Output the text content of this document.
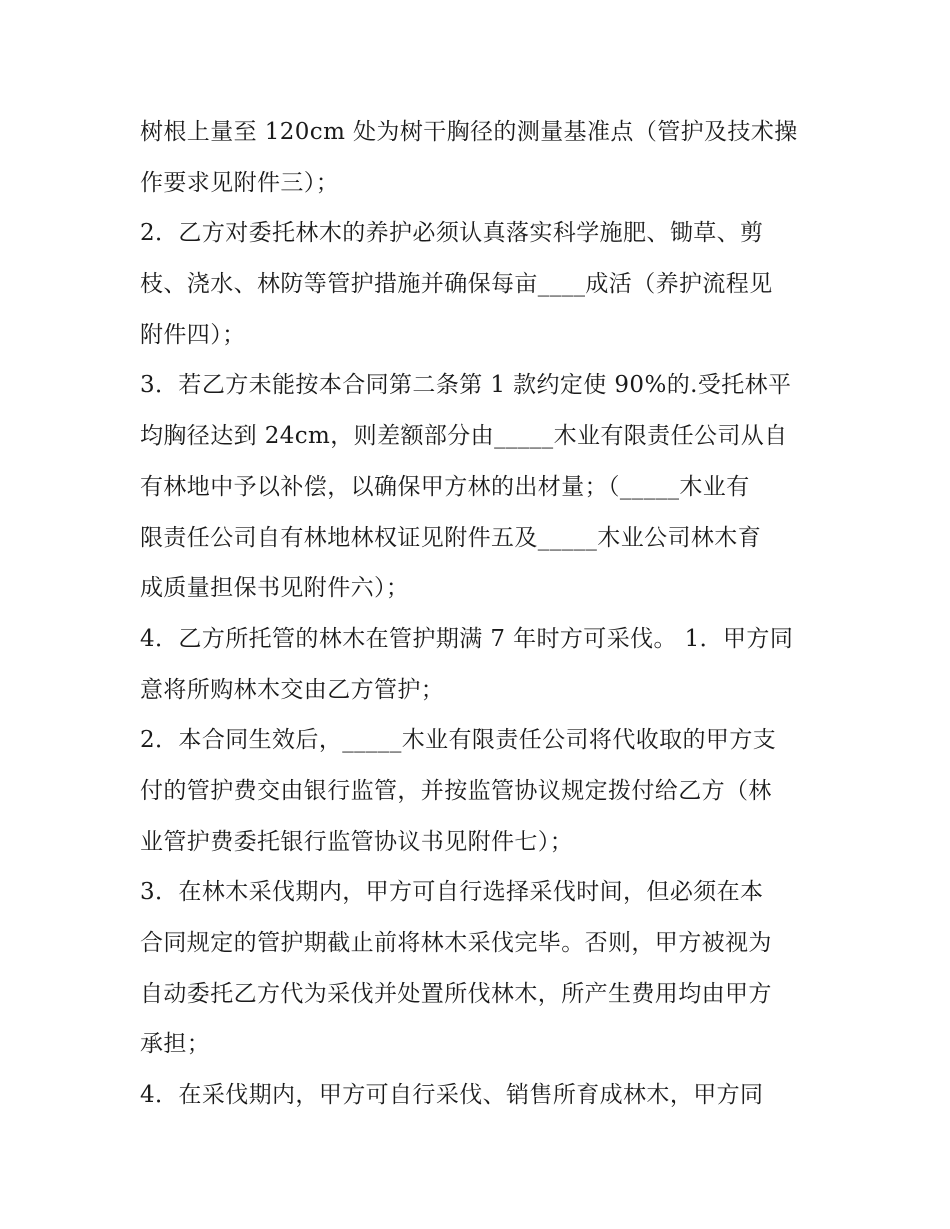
树根上量至 120cm 处为树干胸径的测量基准点（管护及技术操
作要求见附件三）；
2．乙方对委托林木的养护必须认真落实科学施肥、锄草、剪
枝、浇水、林防等管护措施并确保每亩____成活（养护流程见
附件四）；
3．若乙方未能按本合同第二条第 1 款约定使 90%的.受托林平
均胸径达到 24cm，则差额部分由_____木业有限责任公司从自
有林地中予以补偿，以确保甲方林的出材量；（_____木业有
限责任公司自有林地林权证见附件五及_____木业公司林木育
成质量担保书见附件六）；
4．乙方所托管的林木在管护期满 7 年时方可采伐。 1．甲方同
意将所购林木交由乙方管护；
2．本合同生效后，_____木业有限责任公司将代收取的甲方支
付的管护费交由银行监管，并按监管协议规定拨付给乙方（林
业管护费委托银行监管协议书见附件七）；
3．在林木采伐期内，甲方可自行选择采伐时间，但必须在本
合同规定的管护期截止前将林木采伐完毕。否则，甲方被视为
自动委托乙方代为采伐并处置所伐林木，所产生费用均由甲方
承担；
4．在采伐期内，甲方可自行采伐、销售所育成林木，甲方同
